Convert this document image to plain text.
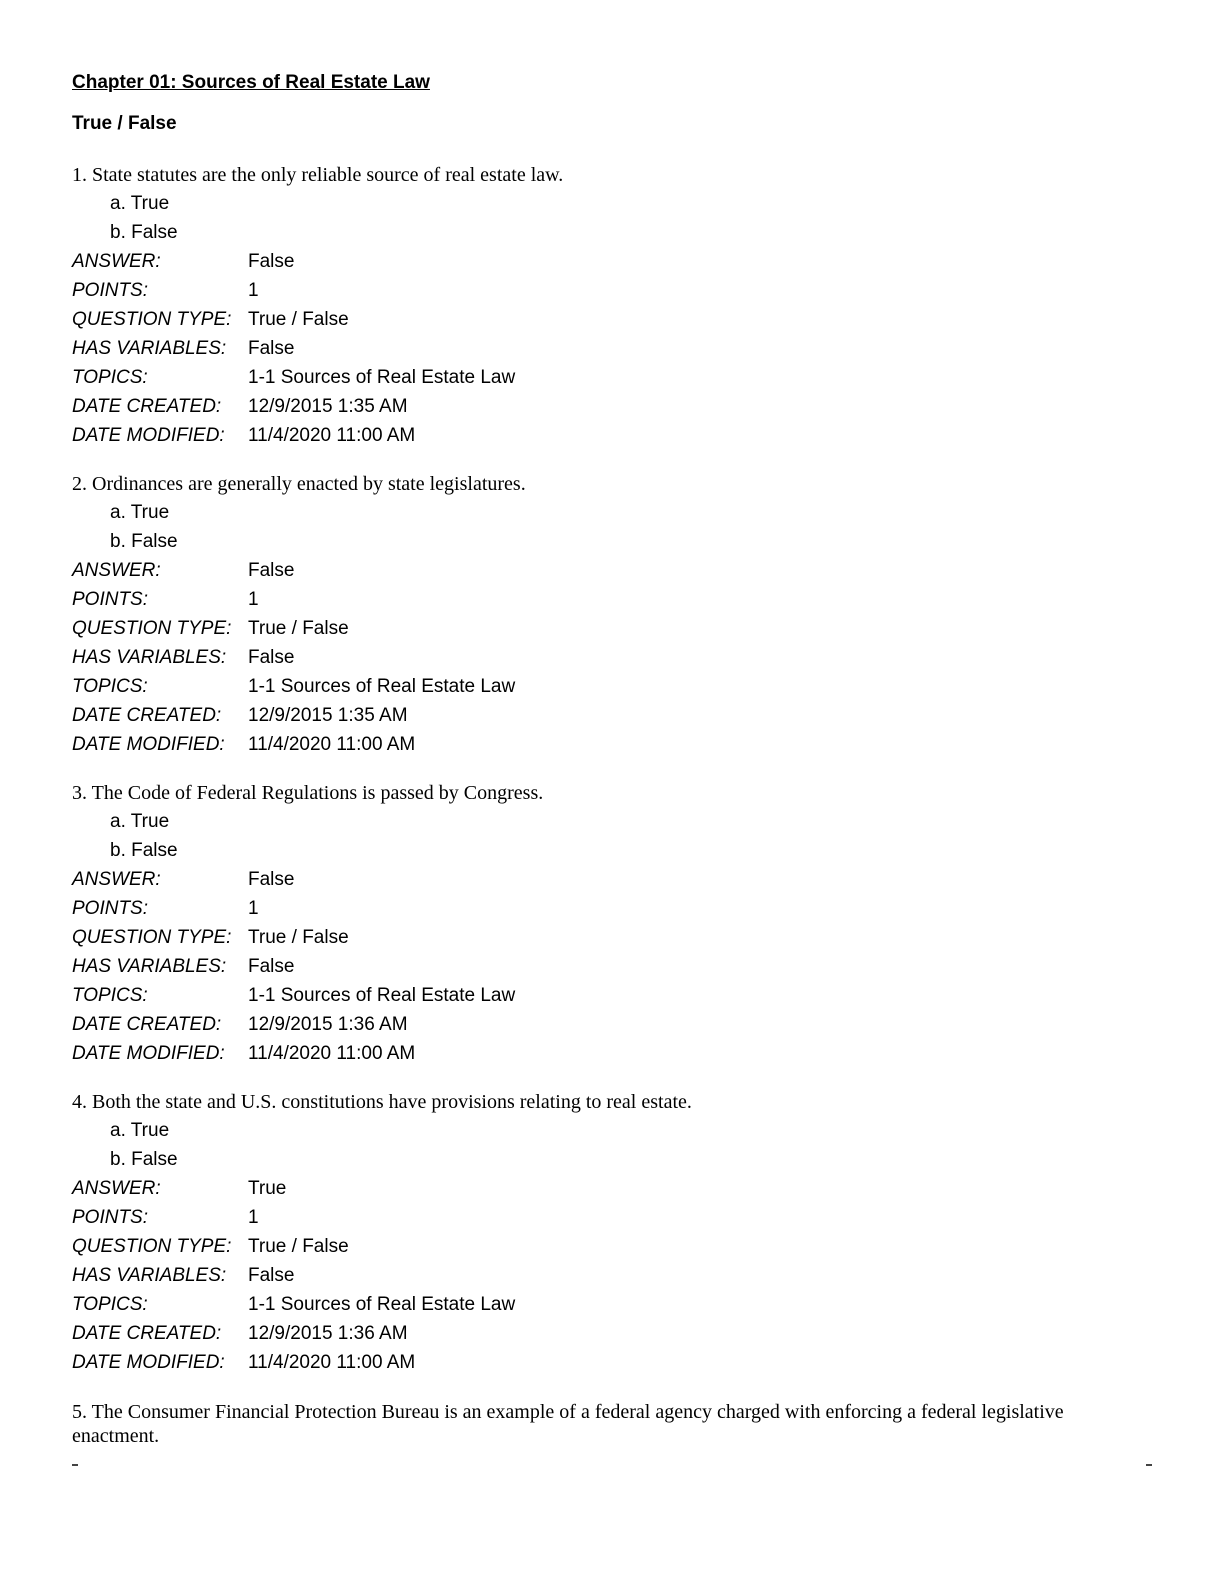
Chapter 01: Sources of Real Estate Law
True / False

1. State statutes are the only reliable source of real estate law.

a. True
b. False
ANSWER:	False
POINTS:	1
QUESTION TYPE: True / False
HAS VARIABLES:	False
TOPICS:	1-1 Sources of Real Estate Law
DATE CREATED:	12/9/2015 1:35 AM
DATE MODIFIED:	11/4/2020 11:00 AM

2. Ordinances are generally enacted by state legislatures.

a. True
b. False
ANSWER:	False
POINTS:	1
QUESTION TYPE: True / False
HAS VARIABLES:	False
TOPICS:	1-1 Sources of Real Estate Law
DATE CREATED:	12/9/2015 1:35 AM
DATE MODIFIED:	11/4/2020 11:00 AM

3. The Code of Federal Regulations is passed by Congress.

a. True
b. False
ANSWER:	False
POINTS:	1
QUESTION TYPE: True / False
HAS VARIABLES:	False
TOPICS:	1-1 Sources of Real Estate Law
DATE CREATED:	12/9/2015 1:36 AM
DATE MODIFIED:	11/4/2020 11:00 AM

4. Both the state and U.S. constitutions have provisions relating to real estate.

a. True
b. False
ANSWER:	True
POINTS:	1
QUESTION TYPE: True / False
HAS VARIABLES:	False
TOPICS:	1-1 Sources of Real Estate Law
DATE CREATED:	12/9/2015 1:36 AM
DATE MODIFIED:	11/4/2020 11:00 AM

5. The Consumer Financial Protection Bureau is an example of a federal agency charged with enforcing a federal legislative enactment.
